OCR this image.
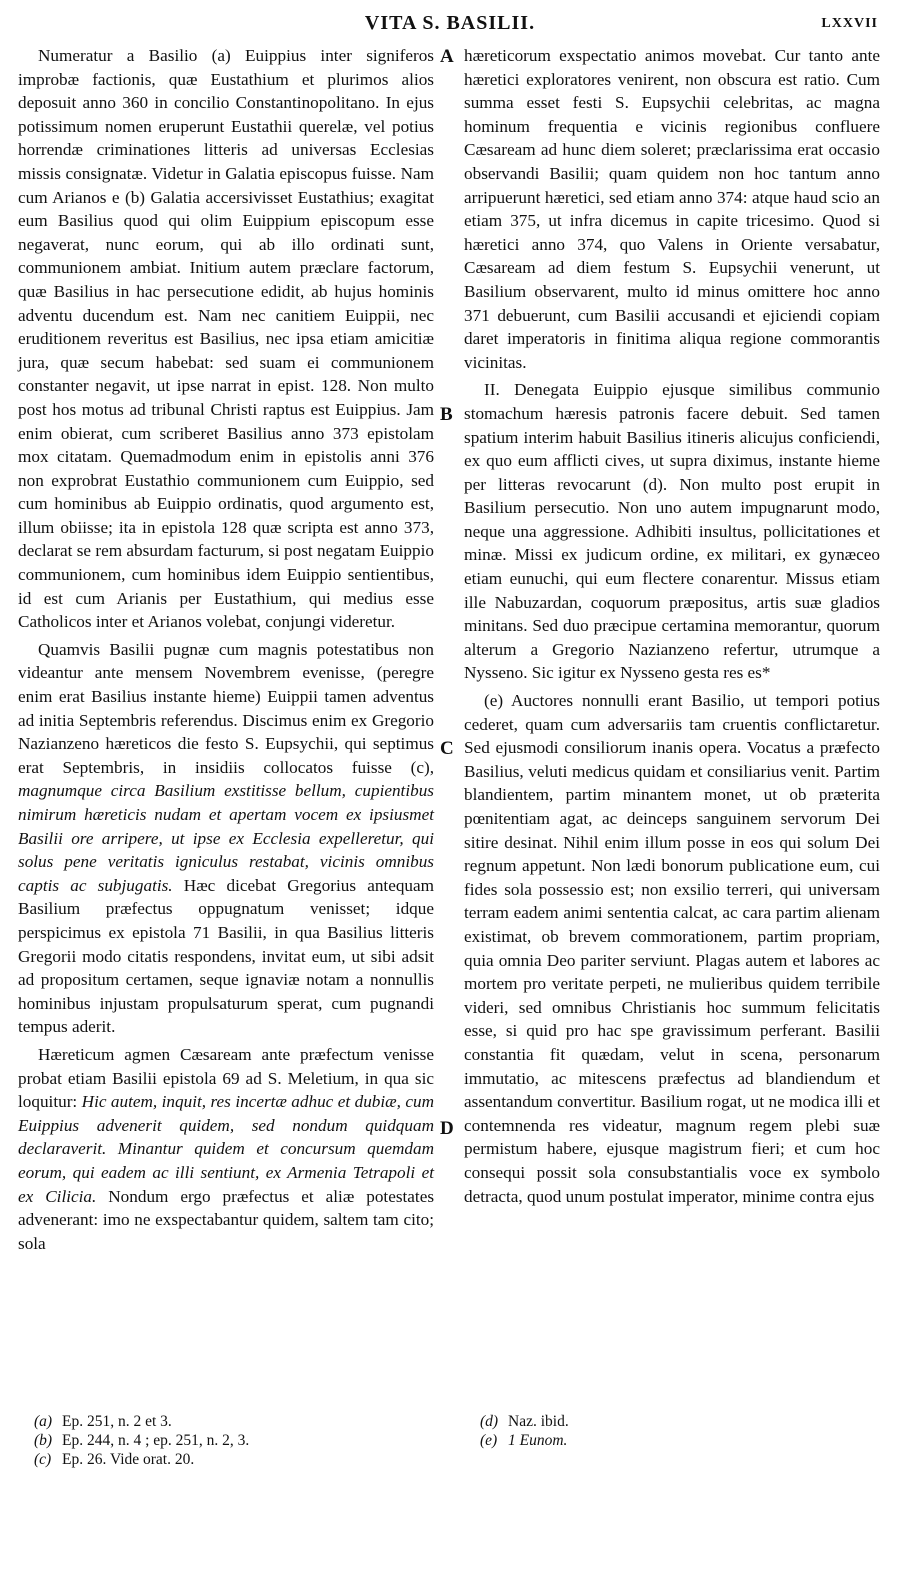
VITA S. BASILII.	LXXVII

Numeratur a Basilio (a) Euippius inter signiferos improbæ factionis, quæ Eustathium et plurimos alios deposuit anno 360 in concilio Constantinopolitano. In ejus potissimum nomen eruperunt Eustathii querelæ, vel potius horrendæ criminationes litteris ad universas Ecclesias missis consignatæ. Videtur in Galatia episcopus fuisse. Nam cum Arianos e (b) Galatia accersivisset Eustathius; exagitat eum Basilius quod qui olim Euippium episcopum esse negaverat, nunc eorum, qui ab illo ordinati sunt, communionem ambiat. Initium autem præclare factorum, quæ Basilius in hac persecutione edidit, ab hujus hominis adventu ducendum est. Nam nec canitiem Euippii, nec eruditionem reveritus est Basilius, nec ipsa etiam amicitiæ jura, quæ secum habebat: sed suam ei communionem constanter negavit, ut ipse narrat in epist. 128. Non multo post hos motus ad tribunal Christi raptus est Euippius. Jam enim obierat, cum scriberet Basilius anno 373 epistolam mox citatam. Quemadmodum enim in epistolis anni 376 non exprobrat Eustathio communionem cum Euippio, sed cum hominibus ab Euippio ordinatis, quod argumento est, illum obiisse; ita in epistola 128 quæ scripta est anno 373, declarat se rem absurdam facturum, si post negatam Euippio communionem, cum hominibus idem Euippio sentientibus, id est cum Arianis per Eustathium, qui medius esse Catholicos inter et Arianos volebat, conjungi videretur.

Quamvis Basilii pugnæ cum magnis potestatibus non videantur ante mensem Novembrem evenisse, (peregre enim erat Basilius instante hieme) Euippii tamen adventus ad initia Septembris referendus. Discimus enim ex Gregorio Nazianzeno hæreticos die festo S. Eupsychii, qui septimus erat Septembris, in insidiis collocatos fuisse (c), magnumque circa Basilium exstitisse bellum, cupientibus nimirum hæreticis nudam et apertam vocem ex ipsiusmet Basilii ore arripere, ut ipse ex Ecclesia expelleretur, qui solus pene veritatis igniculus restabat, vicinis omnibus captis ac subjugatis. Hæc dicebat Gregorius antequam Basilium præfectus oppugnatum venisset; idque perspicimus ex epistola 71 Basilii, in qua Basilius litteris Gregorii modo citatis respondens, invitat eum, ut sibi adsit ad propositum certamen, seque ignaviæ notam a nonnullis hominibus injustam propulsaturum sperat, cum pugnandi tempus aderit.

Hæreticum agmen Cæsaream ante præfectum venisse probat etiam Basilii epistola 69 ad S. Meletium, in qua sic loquitur: Hic autem, inquit, res incertæ adhuc et dubiæ, cum Euippius advenerit quidem, sed nondum quidquam declaraverit. Minantur quidem et concursum quemdam eorum, qui eadem ac illi sentiunt, ex Armenia Tetrapoli et ex Cilicia. Nondum ergo præfectus et aliæ potestates advenerant: imo ne exspectabantur quidem, saltem tam cito; sola

hæreticorum exspectatio animos movebat. Cur tanto ante hæretici exploratores venirent, non obscura est ratio. Cum summa esset festi S. Eupsychii celebritas, ac magna hominum frequentia e vicinis regionibus confluere Cæsaream ad hunc diem soleret; præclarissima erat occasio observandi Basilii; quam quidem non hoc tantum anno arripuerunt hæretici, sed etiam anno 374: atque haud scio an etiam 375, ut infra dicemus in capite tricesimo. Quod si hæretici anno 374, quo Valens in Oriente versabatur, Cæsaream ad diem festum S. Eupsychii venerunt, ut Basilium observarent, multo id minus omittere hoc anno 371 debuerunt, cum Basilii accusandi et ejiciendi copiam daret imperatoris in finitima aliqua regione commorantis vicinitas.

II. Denegata Euippio ejusque similibus communio stomachum hæresis patronis facere debuit. Sed tamen spatium interim habuit Basilius itineris alicujus conficiendi, ex quo eum afflicti cives, ut supra diximus, instante hieme per litteras revocarunt (d). Non multo post erupit in Basilium persecutio. Non uno autem impugnarunt modo, neque una aggressione. Adhibiti insultus, pollicitationes et minæ. Missi ex judicum ordine, ex militari, ex gynæceo etiam eunuchi, qui eum flectere conarentur. Missus etiam ille Nabuzardan, coquorum præpositus, artis suæ gladios minitans. Sed duo præcipue certamina memorantur, quorum alterum a Gregorio Nazianzeno refertur, utrumque a Nysseno. Sic igitur ex Nysseno gesta res es*

(e) Auctores nonnulli erant Basilio, ut tempori potius cederet, quam cum adversariis tam cruentis conflictaretur. Sed ejusmodi consiliorum inanis opera. Vocatus a præfecto Basilius, veluti medicus quidam et consiliarius venit. Partim blandientem, partim minantem monet, ut ob præterita pœnitentiam agat, ac deinceps sanguinem servorum Dei sitire desinat. Nihil enim illum posse in eos qui solum Dei regnum appetunt. Non lædi bonorum publicatione eum, cui fides sola possessio est; non exsilio terreri, qui universam terram eadem animi sententia calcat, ac cara partim alienam existimat, ob brevem commorationem, partim propriam, quia omnia Deo pariter serviunt. Plagas autem et labores ac mortem pro veritate perpeti, ne mulieribus quidem terribile videri, sed omnibus Christianis hoc summum felicitatis esse, si quid pro hac spe gravissimum perferant. Basilii constantia fit quædam, velut in scena, personarum immutatio, ac mitescens præfectus ad blandiendum et assentandum convertitur. Basilium rogat, ut ne modica illi et contemnenda res videatur, magnum regem plebi suæ permistum habere, ejusque magistrum fieri; et cum hoc consequi possit sola consubstantialis voce ex symbolo detracta, quod unum postulat imperator, minime contra ejus

A
B
C
D
(a) Ep. 251, n. 2 et 3.
(b) Ep. 244, n. 4 ; ep. 251, n. 2, 3.
(c) Ep. 26. Vide orat. 20.
(d) Naz. ibid.
(e) 1 Eunom.
